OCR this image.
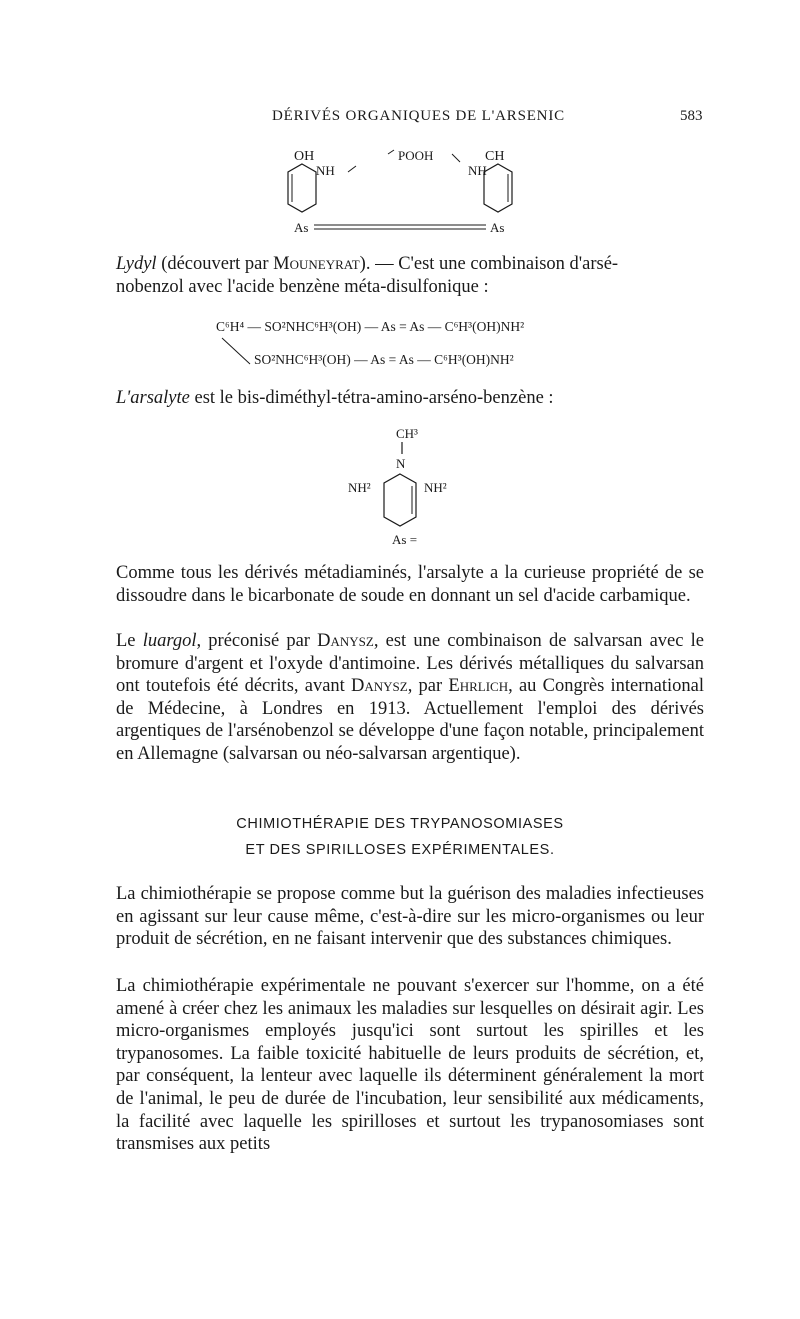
DÉRIVÉS ORGANIQUES DE L'ARSENIC	583
OH
NH
POOH
NH
CH
As	As

Lydyl (découvert par Mouneyrat). — C'est une combinaison d'arsé-
nobenzol avec l'acide benzène méta-disulfonique :

C⁶H⁴ — SO²NHC⁶H³(OH) — As = As — C⁶H³(OH)NH²
SO²NHC⁶H³(OH) — As = As — C⁶H³(OH)NH²

L'arsalyte est le bis-diméthyl-tétra-amino-arséno-benzène :

CH³
N
NH²	NH²
As =

Comme tous les dérivés métadiaminés, l'arsalyte a la curieuse propriété de se dissoudre dans le bicarbonate de soude en donnant un sel d'acide carbamique.

Le luargol, préconisé par Danysz, est une combinaison de salvarsan avec le bromure d'argent et l'oxyde d'antimoine. Les dérivés métalliques du salvarsan ont toutefois été décrits, avant Danysz, par Ehrlich, au Congrès international de Médecine, à Londres en 1913. Actuellement l'emploi des dérivés argentiques de l'arsénobenzol se développe d'une façon notable, principalement en Allemagne (salvarsan ou néo-salvarsan argentique).

CHIMIOTHÉRAPIE DES TRYPANOSOMIASES
ET DES SPIRILLOSES EXPÉRIMENTALES.

La chimiothérapie se propose comme but la guérison des maladies infectieuses en agissant sur leur cause même, c'est-à-dire sur les micro-organismes ou leur produit de sécrétion, en ne faisant intervenir que des substances chimiques.

La chimiothérapie expérimentale ne pouvant s'exercer sur l'homme, on a été amené à créer chez les animaux les maladies sur lesquelles on désirait agir. Les micro-organismes employés jusqu'ici sont surtout les spirilles et les trypanosomes. La faible toxicité habituelle de leurs produits de sécrétion, et, par conséquent, la lenteur avec laquelle ils déterminent généralement la mort de l'animal, le peu de durée de l'incubation, leur sensibilité aux médicaments, la facilité avec laquelle les spirilloses et surtout les trypanosomiases sont transmises aux petits
